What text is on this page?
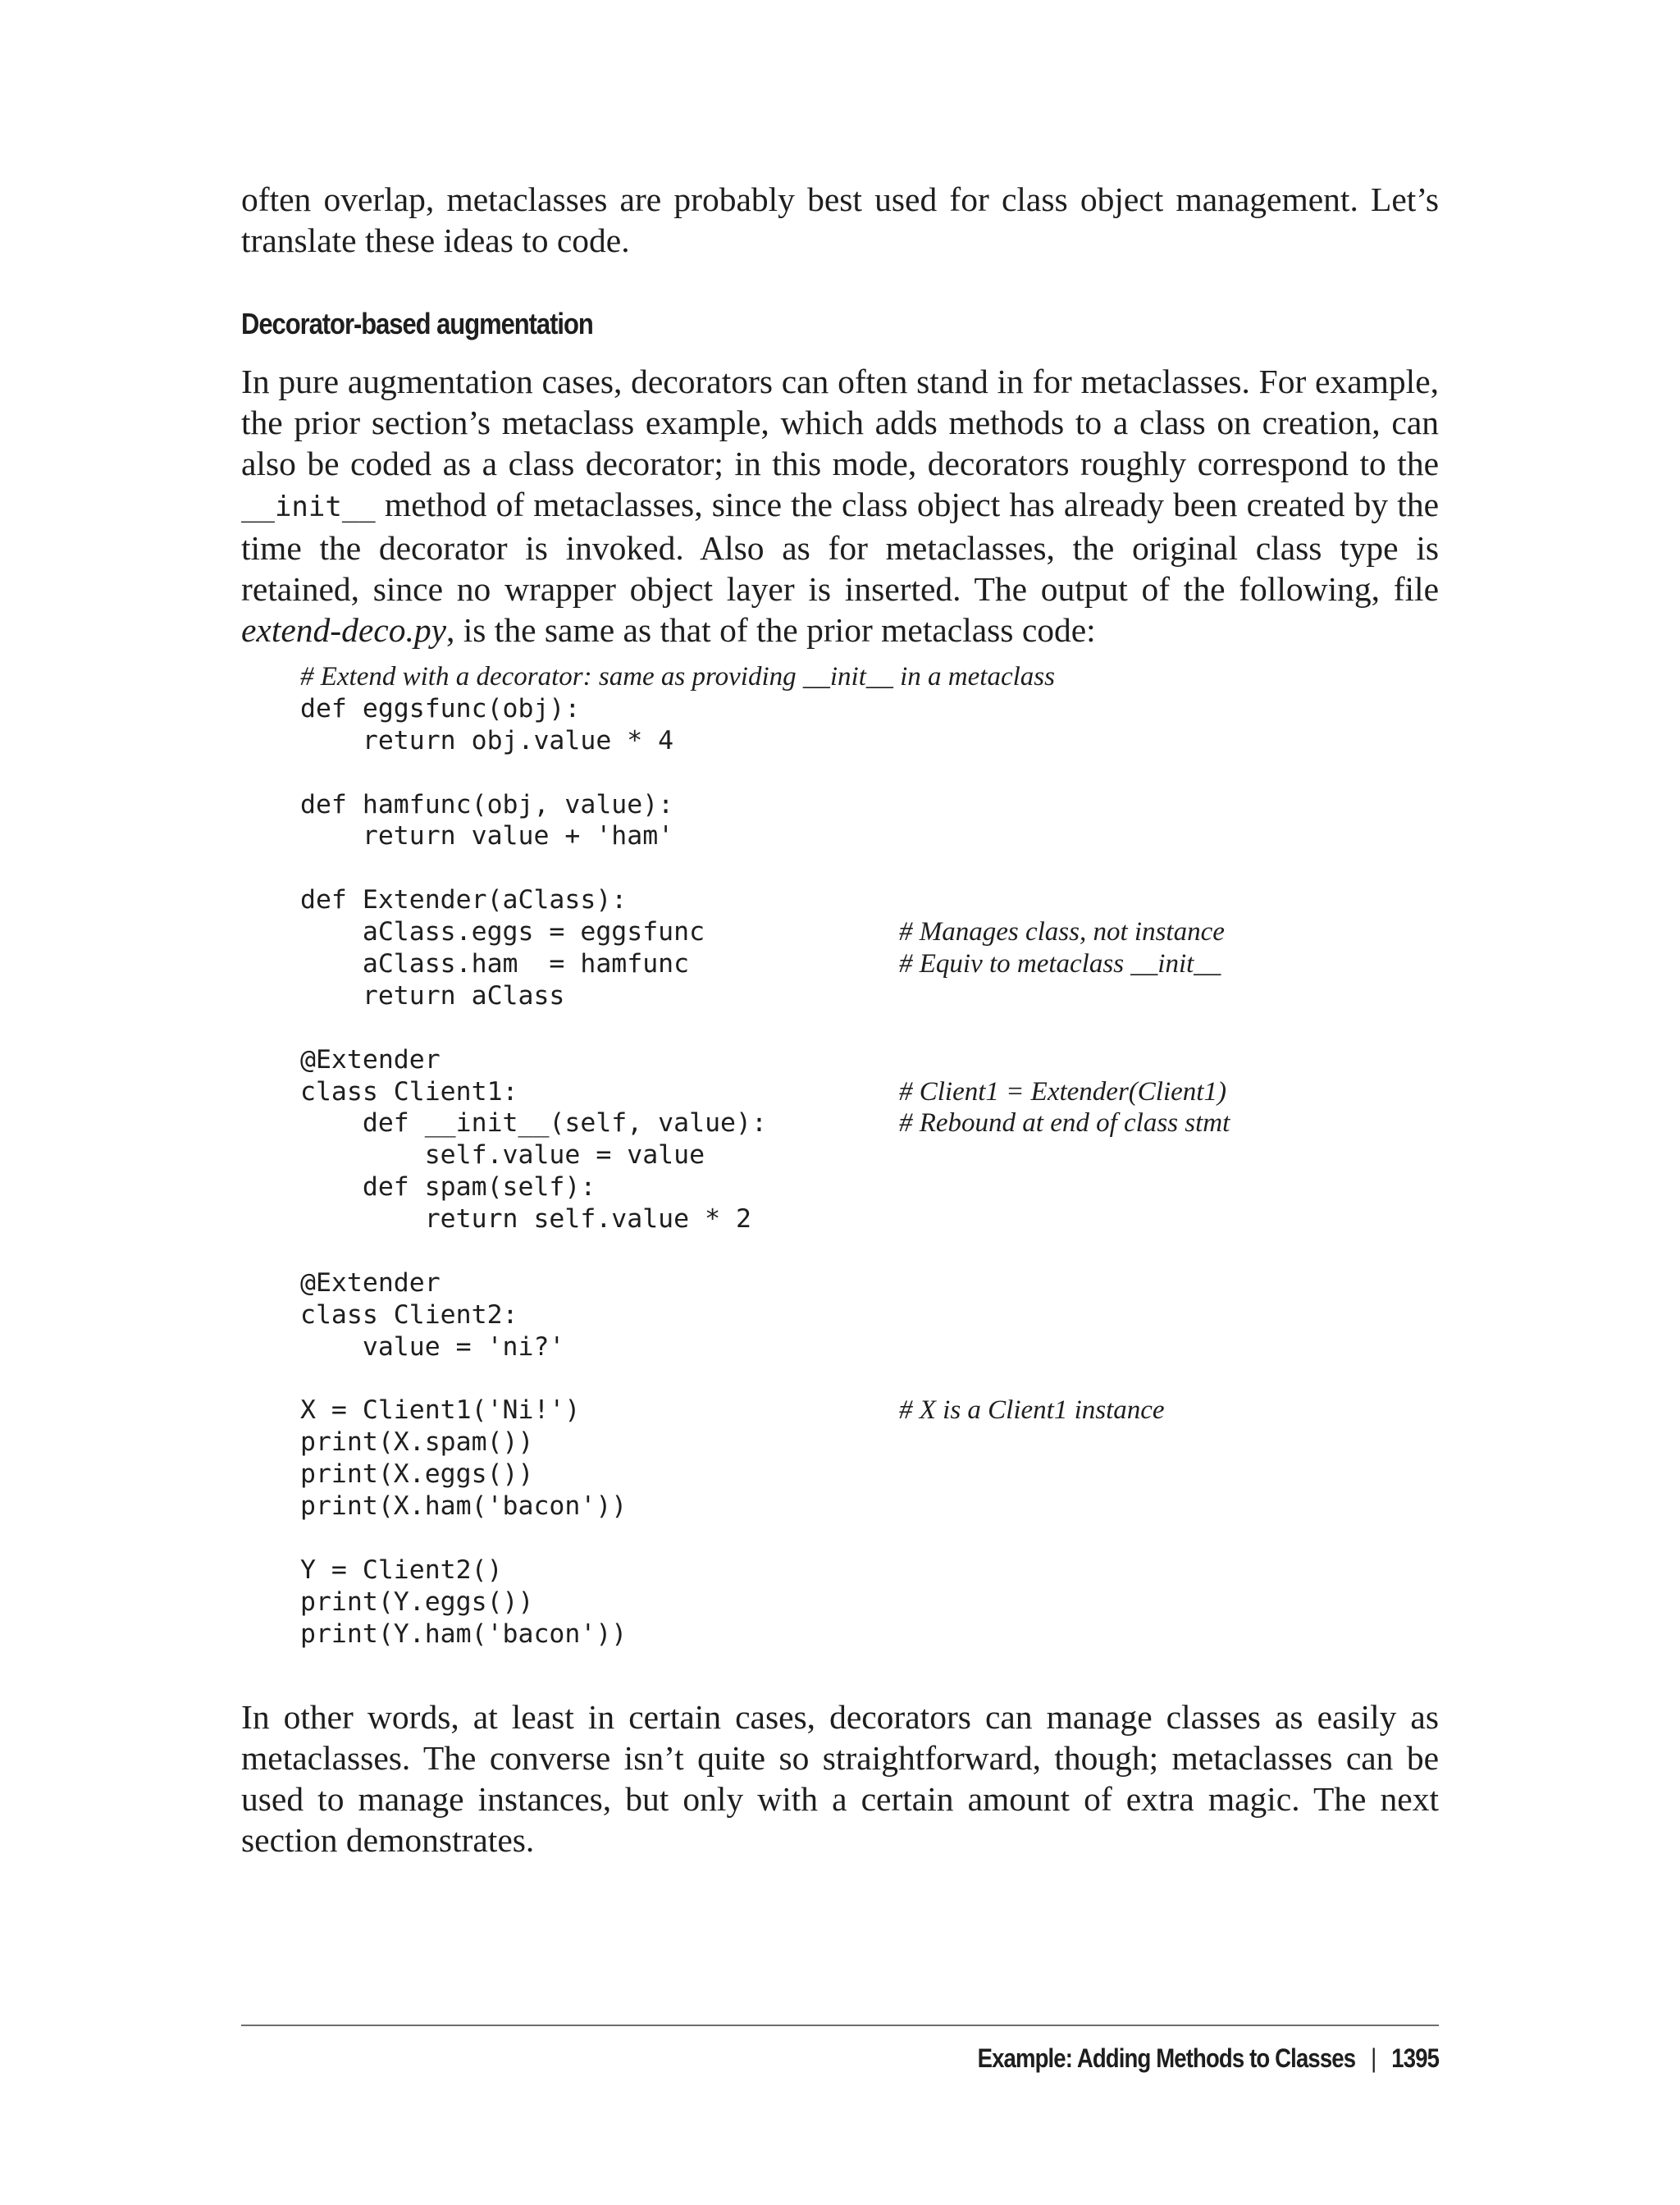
often overlap, metaclasses are probably best used for class object management. Let’s translate these ideas to code.

Decorator-based augmentation

In pure augmentation cases, decorators can often stand in for metaclasses. For example, the prior section’s metaclass example, which adds methods to a class on creation, can also be coded as a class decorator; in this mode, decorators roughly correspond to the __init__ method of metaclasses, since the class object has already been created by the time the decorator is invoked. Also as for metaclasses, the original class type is retained, since no wrapper object layer is inserted. The output of the following, file extend-deco.py, is the same as that of the prior metaclass code:

# Extend with a decorator: same as providing __init__ in a metaclass
def eggsfunc(obj):
return obj.value * 4
def hamfunc(obj, value):
return value + 'ham'
def Extender(aClass):
aClass.eggs = eggsfunc	# Manages class, not instance
aClass.ham  = hamfunc	# Equiv to metaclass __init__
return aClass
@Extender
class Client1:	# Client1 = Extender(Client1)
def __init__(self, value):	# Rebound at end of class stmt
self.value = value
def spam(self):
return self.value * 2
@Extender
class Client2:
value = 'ni?'
X = Client1('Ni!')	# X is a Client1 instance
print(X.spam())
print(X.eggs())
print(X.ham('bacon'))
Y = Client2()
print(Y.eggs())
print(Y.ham('bacon'))

In other words, at least in certain cases, decorators can manage classes as easily as metaclasses. The converse isn’t quite so straightforward, though; metaclasses can be used to manage instances, but only with a certain amount of extra magic. The next section demonstrates.

Example: Adding Methods to Classes | 1395
